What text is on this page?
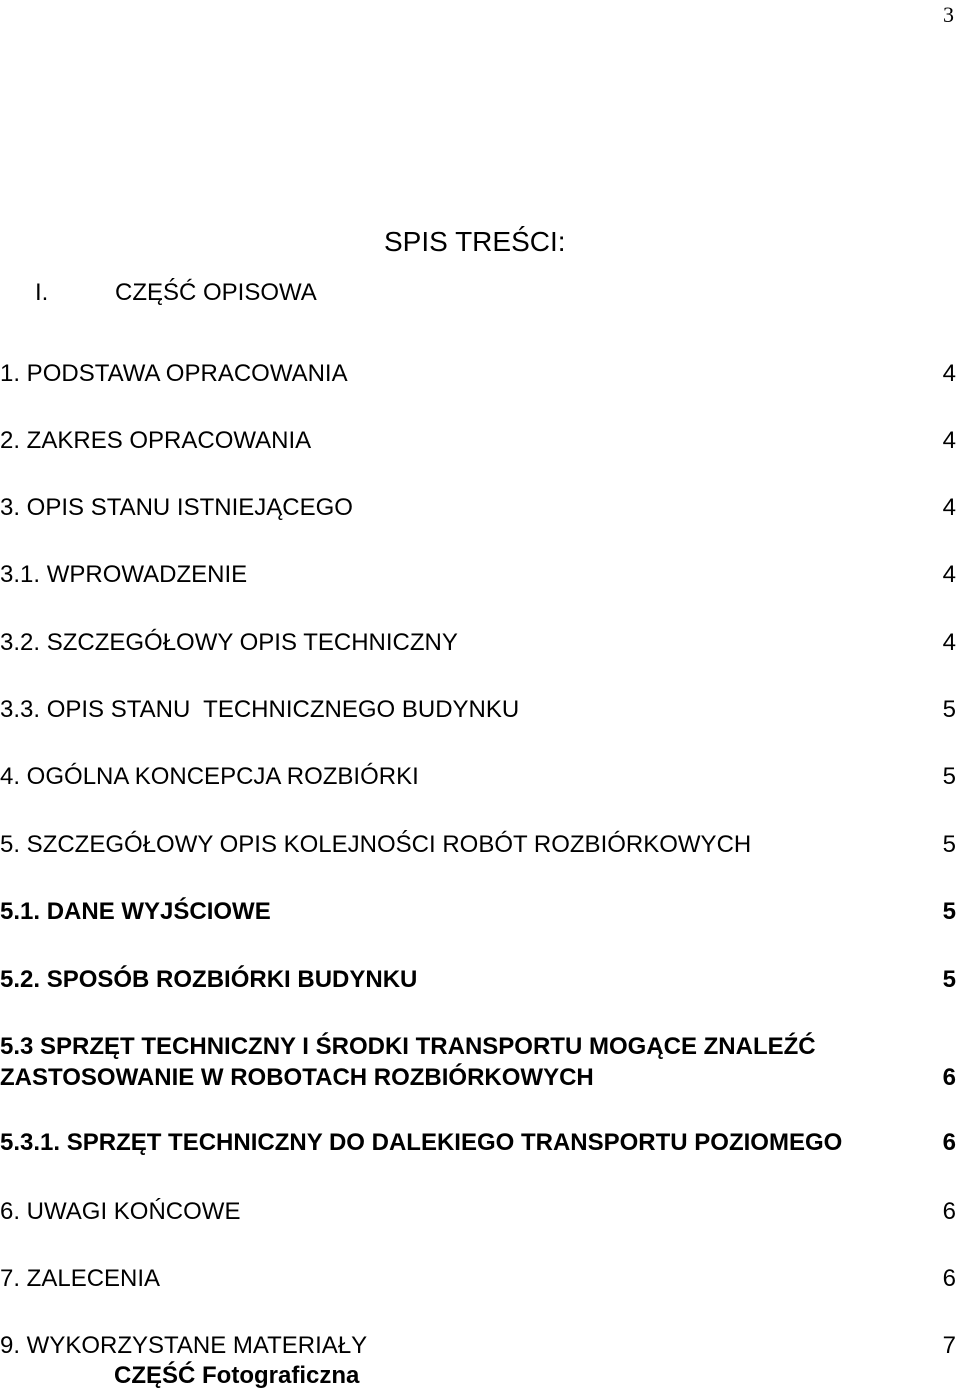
3
SPIS TREŚCI:
I.	CZĘŚĆ OPISOWA
1. PODSTAWA OPRACOWANIA	4
2. ZAKRES OPRACOWANIA	4
3. OPIS STANU ISTNIEJĄCEGO	4
3.1. WPROWADZENIE	4
3.2. SZCZEGÓŁOWY OPIS TECHNICZNY	4
3.3. OPIS STANU  TECHNICZNEGO BUDYNKU	5
4. OGÓLNA KONCEPCJA ROZBIÓRKI	5
5. SZCZEGÓŁOWY OPIS KOLEJNOŚCI ROBÓT ROZBIÓRKOWYCH	5
5.1. DANE WYJŚCIOWE	5
5.2. SPOSÓB ROZBIÓRKI BUDYNKU	5
5.3 SPRZĘT TECHNICZNY I ŚRODKI TRANSPORTU MOGĄCE ZNALEŹĆ
ZASTOSOWANIE W ROBOTACH ROZBIÓRKOWYCH	6
5.3.1. SPRZĘT TECHNICZNY DO DALEKIEGO TRANSPORTU POZIOMEGO	6
6. UWAGI KOŃCOWE	6
7. ZALECENIA	6
9. WYKORZYSTANE MATERIAŁY	7
CZĘŚĆ Fotograficzna
